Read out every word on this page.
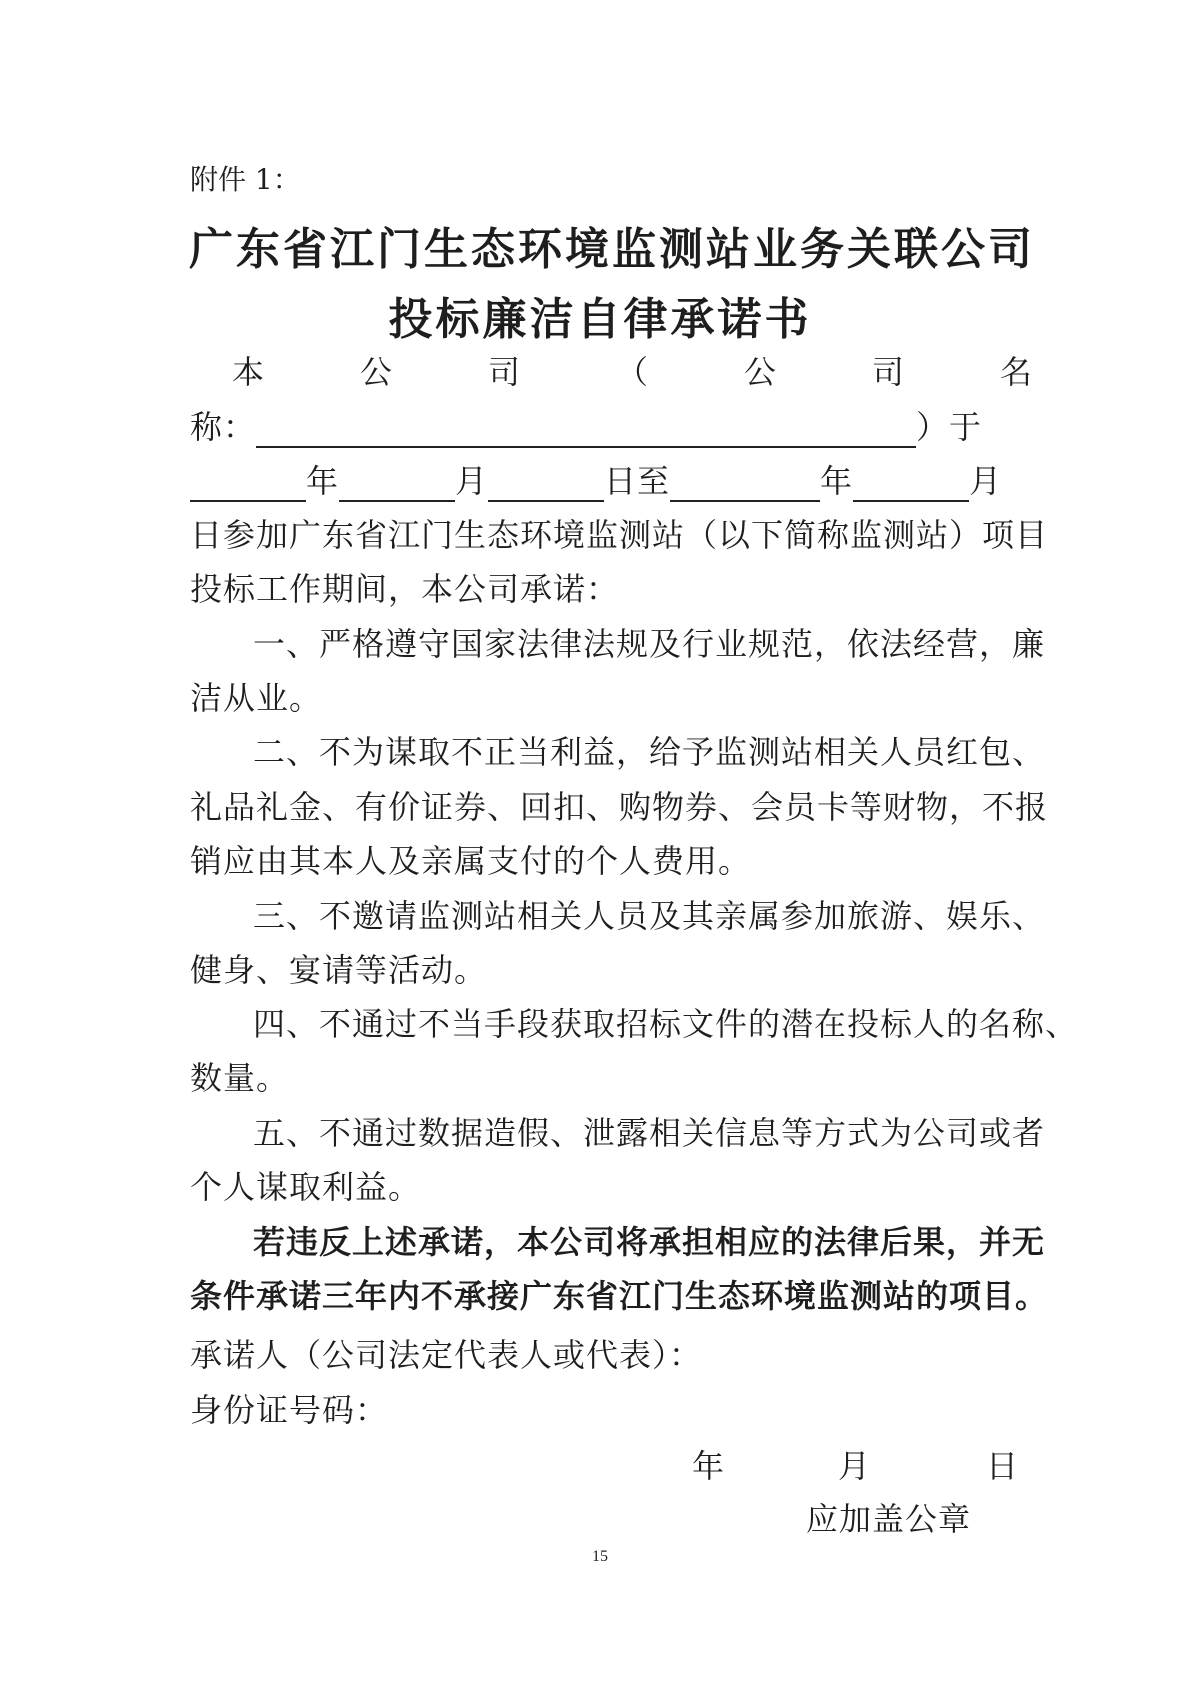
附件 1：
广东省江门生态环境监测站业务关联公司
投标廉洁自律承诺书
本	公	司	（	公	司	名
称：	）于
年	月	日至	年	月
日参加广东省江门生态环境监测站（以下简称监测站）项目
投标工作期间，本公司承诺：
一、严格遵守国家法律法规及行业规范，依法经营，廉
洁从业。
二、不为谋取不正当利益，给予监测站相关人员红包、
礼品礼金、有价证券、回扣、购物券、会员卡等财物，不报
销应由其本人及亲属支付的个人费用。
三、不邀请监测站相关人员及其亲属参加旅游、娱乐、
健身、宴请等活动。
四、不通过不当手段获取招标文件的潜在投标人的名称、
数量。
五、不通过数据造假、泄露相关信息等方式为公司或者
个人谋取利益。
若违反上述承诺，本公司将承担相应的法律后果，并无
条件承诺三年内不承接广东省江门生态环境监测站的项目。
承诺人（公司法定代表人或代表）：
身份证号码：
年	月	日
应加盖公章
15
